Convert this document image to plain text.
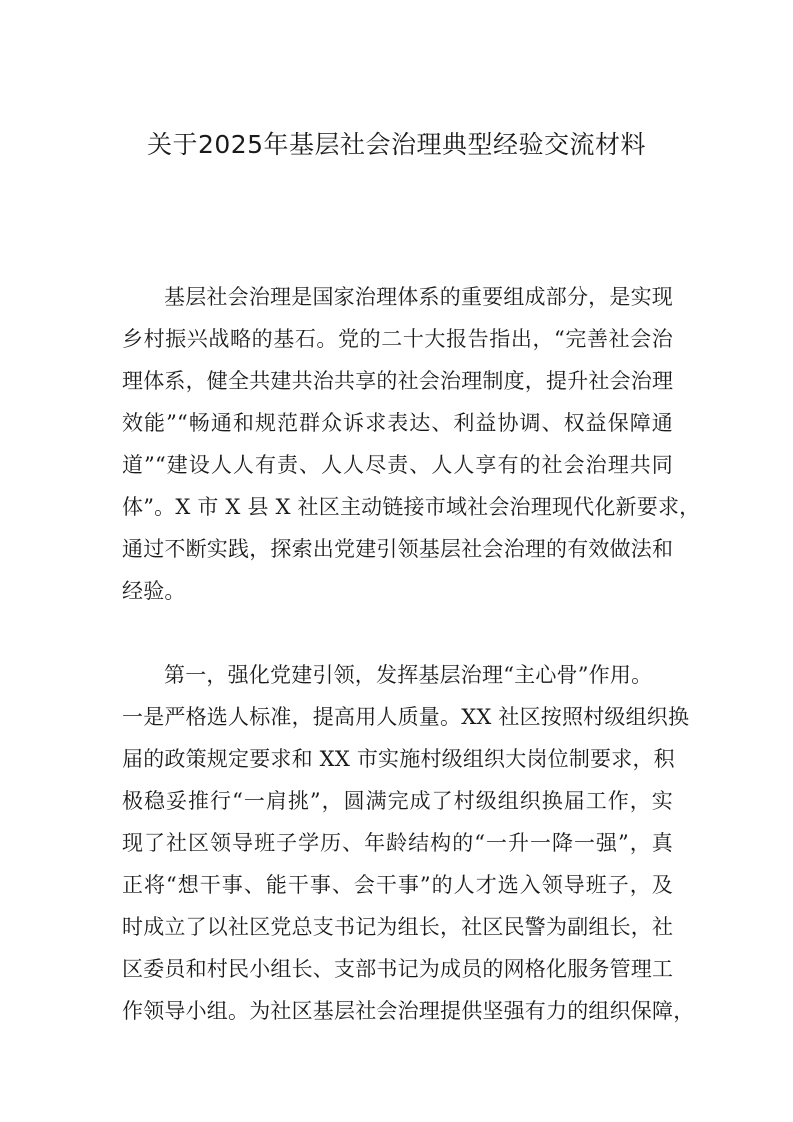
关于2025年基层社会治理典型经验交流材料
基层社会治理是国家治理体系的重要组成部分，是实现
乡村振兴战略的基石。党的二十大报告指出，“完善社会治
理体系，健全共建共治共享的社会治理制度，提升社会治理
效能”“畅通和规范群众诉求表达、利益协调、权益保障通
道”“建设人人有责、人人尽责、人人享有的社会治理共同
体”。X 市 X 县 X 社区主动链接市域社会治理现代化新要求，
通过不断实践，探索出党建引领基层社会治理的有效做法和
经验。
第一，强化党建引领，发挥基层治理“主心骨”作用。
一是严格选人标准，提高用人质量。XX 社区按照村级组织换
届的政策规定要求和 XX 市实施村级组织大岗位制要求，积
极稳妥推行“一肩挑”，圆满完成了村级组织换届工作，实
现了社区领导班子学历、年龄结构的“一升一降一强”，真
正将“想干事、能干事、会干事”的人才选入领导班子，及
时成立了以社区党总支书记为组长，社区民警为副组长，社
区委员和村民小组长、支部书记为成员的网格化服务管理工
作领导小组。为社区基层社会治理提供坚强有力的组织保障，
